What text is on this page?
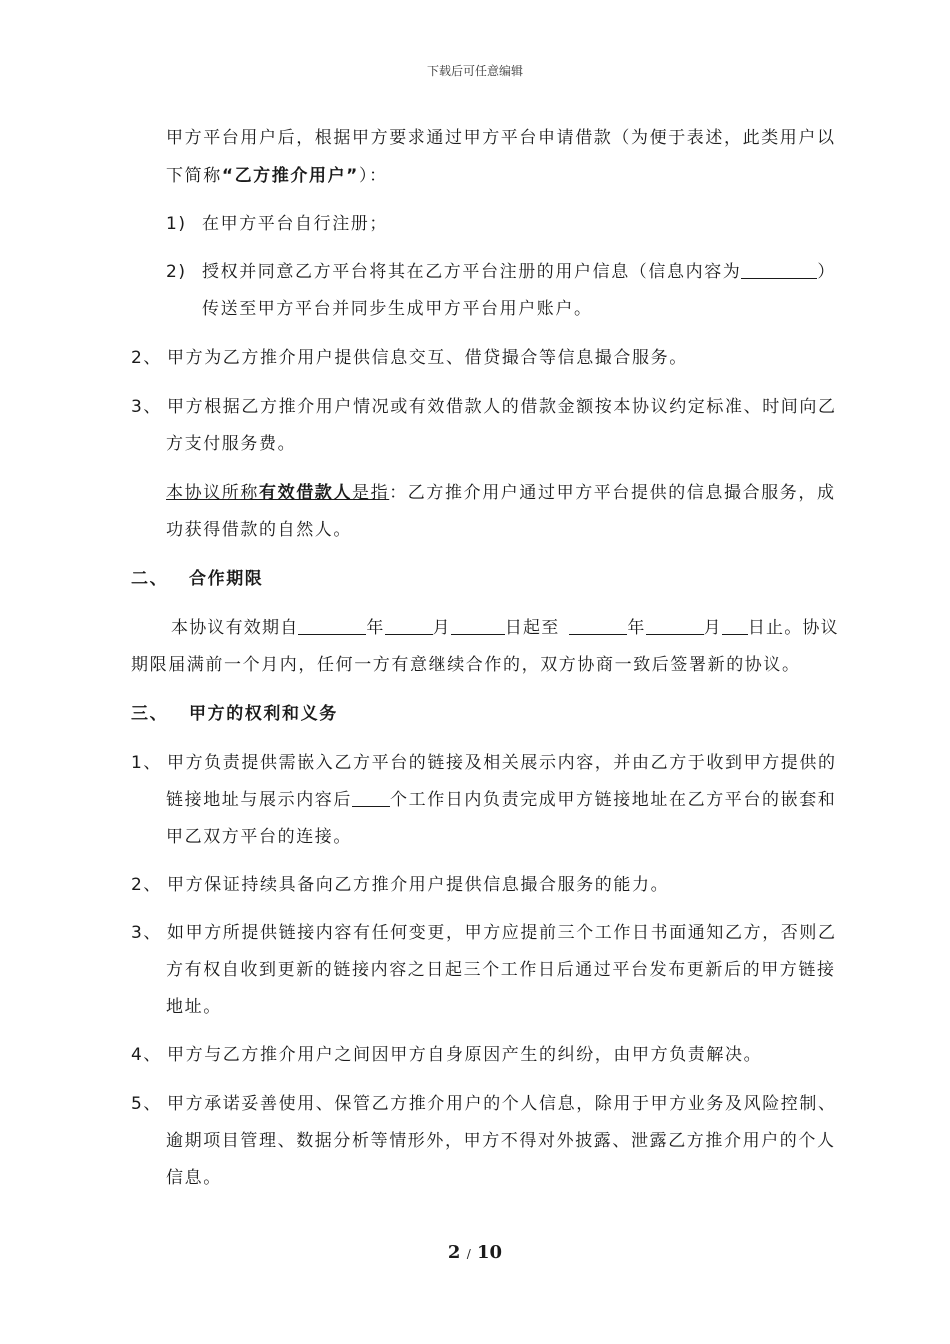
下载后可任意编辑
甲方平台用户后，根据甲方要求通过甲方平台申请借款（为便于表述，此类用户以
下简称“乙方推介用户”）：
1) 在甲方平台自行注册；
2) 授权并同意乙方平台将其在乙方平台注册的用户信息（信息内容为	）
传送至甲方平台并同步生成甲方平台用户账户。
2、 甲方为乙方推介用户提供信息交互、借贷撮合等信息撮合服务。
3、 甲方根据乙方推介用户情况或有效借款人的借款金额按本协议约定标准、时间向乙
方支付服务费。
本协议所称有效借款人是指：乙方推介用户通过甲方平台提供的信息撮合服务，成
功获得借款的自然人。
二、 合作期限
本协议有效期自	年	月	日起至	年	月 日止。协议
期限届满前一个月内，任何一方有意继续合作的，双方协商一致后签署新的协议。
三、 甲方的权利和义务
1、 甲方负责提供需嵌入乙方平台的链接及相关展示内容，并由乙方于收到甲方提供的
链接地址与展示内容后 个工作日内负责完成甲方链接地址在乙方平台的嵌套和
甲乙双方平台的连接。
2、 甲方保证持续具备向乙方推介用户提供信息撮合服务的能力。
3、 如甲方所提供链接内容有任何变更，甲方应提前三个工作日书面通知乙方，否则乙
方有权自收到更新的链接内容之日起三个工作日后通过平台发布更新后的甲方链接
地址。
4、 甲方与乙方推介用户之间因甲方自身原因产生的纠纷，由甲方负责解决。
5、 甲方承诺妥善使用、保管乙方推介用户的个人信息，除用于甲方业务及风险控制、
逾期项目管理、数据分析等情形外，甲方不得对外披露、泄露乙方推介用户的个人
信息。
2 / 10
